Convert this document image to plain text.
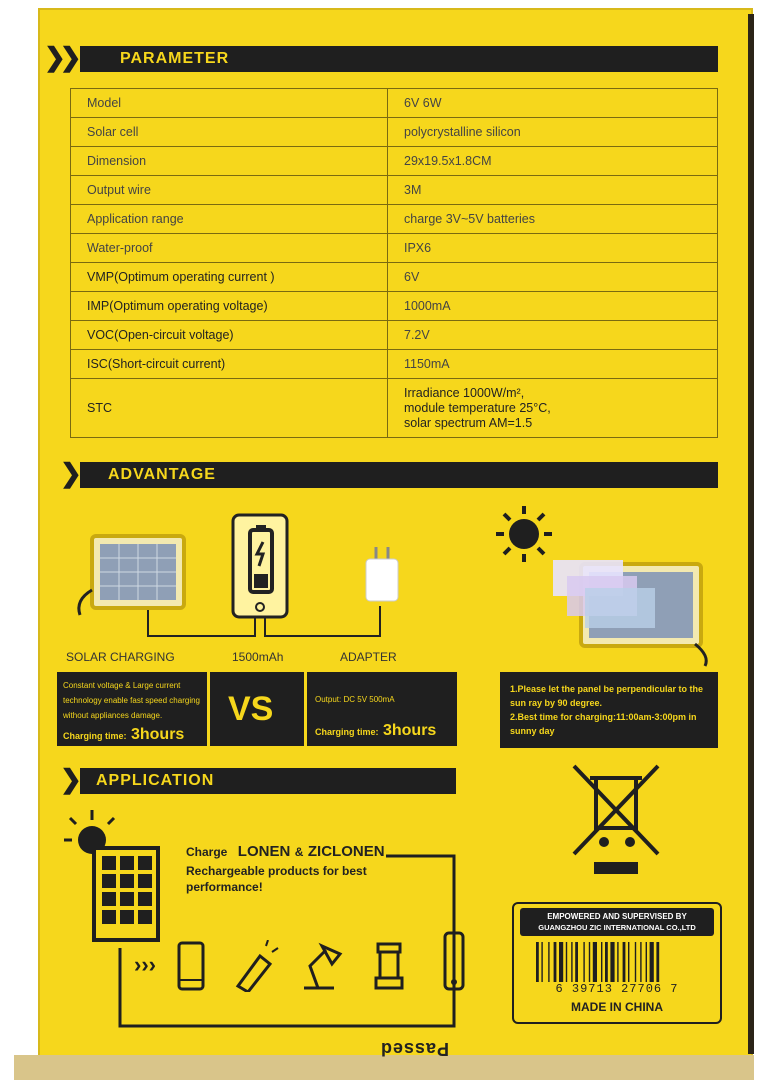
Passed
❯❯	PARAMETER
Model	6V 6W
Solar cell	polycrystalline silicon
Dimension	29x19.5x1.8CM
Output wire	3M
Application range	charge 3V~5V batteries
Water-proof	IPX6
VMP(Optimum operating current )	6V
IMP(Optimum operating voltage)	1000mA
VOC(Open-circuit voltage)	7.2V
ISC(Short-circuit current)	1150mA
STC	Irradiance 1000W/m²,
module temperature 25°C,
solar spectrum AM=1.5
❯ ADVANTAGE
SOLAR CHARGING	1500mAh	ADAPTER
Constant voltage & Large current
technology enable fast speed charging
without appliances damage.
Charging time: 3hours
VS	Output: DC 5V 500mA
Charging time: 3hours
1.Please let the panel be perpendicular to the
sun ray by 90 degree.
2.Best time for charging:11:00am-3:00pm in
sunny day
❯ APPLICATION
Charge LONEN & ZICLONEN
Rechargeable products for best
performance!
›››
EMPOWERED AND SUPERVISED BY
GUANGZHOU ZIC INTERNATIONAL CO.,LTD
6 39713 27706 7
MADE IN CHINA
